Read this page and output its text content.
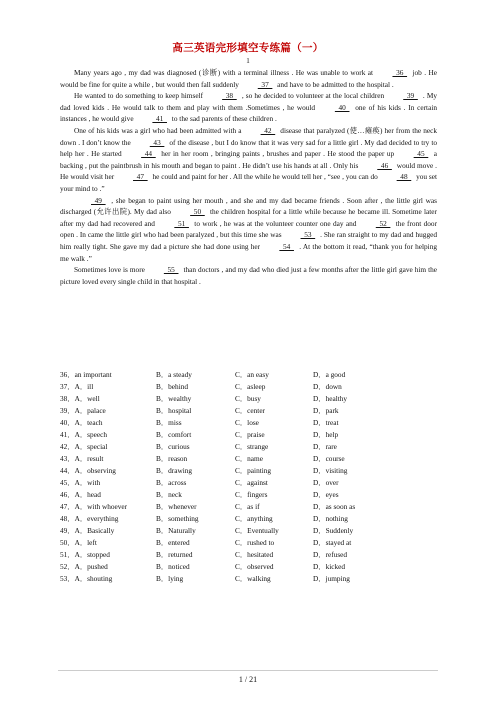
高三英语完形填空专练篇（一）
1

Many years ago , my dad was diagnosed (诊断) with a terminal illness . He was unable to work at   36   job . He would be fine for quite a while , but would then fall suddenly   37   and have to be admitted to the hospital .

He wanted to do something to keep himself   38   , so he decided to volunteer at the local children   39   . My dad loved kids . He would talk to them and play with them .Sometimes , he would   40   one of his kids . In certain instances , he would give   41   to the sad parents of these children .

One of his kids was a girl who had been admitted with a   42   disease that paralyzed (使…瘫痪) her from the neck down . I don’t know the   43   of the disease , but I do know that it was very sad for a little girl . My dad decided to try to help her . He started   44   her in her room , bringing paints , brushes and paper . He stood the paper up   45   a backing , put the paintbrush in his mouth and began to paint . He didn’t use his hands at all . Only his   46   would move . He would visit her   47   he could and paint for her . All the while he would tell her , “see , you can do   48   you set your mind to .”

49   , she began to paint using her mouth , and she and my dad became friends . Soon after , the little girl was discharged (允许出院). My dad also   50   the children hospital for a little while because he became ill. Sometime later after my dad had recovered and   51   to work , he was at the volunteer counter one day and   52   the front door open . In came the little girl who had been paralyzed , but this time she was   53   . She ran straight to my dad and hugged him really tight. She gave my dad a picture she had done using her   54   . At the bottom it read, “thank you for helping me walk .”

Sometimes love is more   55   than doctors , and my dad who died just a few months after the little girl gave him the picture loved every single child in that hospital .

36．an important	B．a steady	C．an easy	D．a good
37．A．ill	B．behind	C．asleep	D．down
38．A．well	B．wealthy	C．busy	D．healthy
39．A．palace	B．hospital	C．center	D．park
40．A．teach	B．miss	C．lose	D．treat
41．A．speech	B．comfort	C．praise	D．help
42．A．special	B．curious	C．strange	D．rare
43．A．result	B．reason	C．name	D．course
44．A．observing	B．drawing	C．painting	D．visiting
45．A．with	B．across	C．against	D．over
46．A．head	B．neck	C．fingers	D．eyes
47．A．with whoever	B．whenever	C．as if	D．as soon as
48．A．everything	B．something	C．anything	D．nothing
49．A．Basically	B．Naturally	C．Eventually	D．Suddenly
50．A．left	B．entered	C．rushed to	D．stayed at
51．A．stopped	B．returned	C．hesitated	D．refused
52．A．pushed	B．noticed	C．observed	D．kicked
53．A．shouting	B．lying	C．walking	D．jumping
1 / 21
